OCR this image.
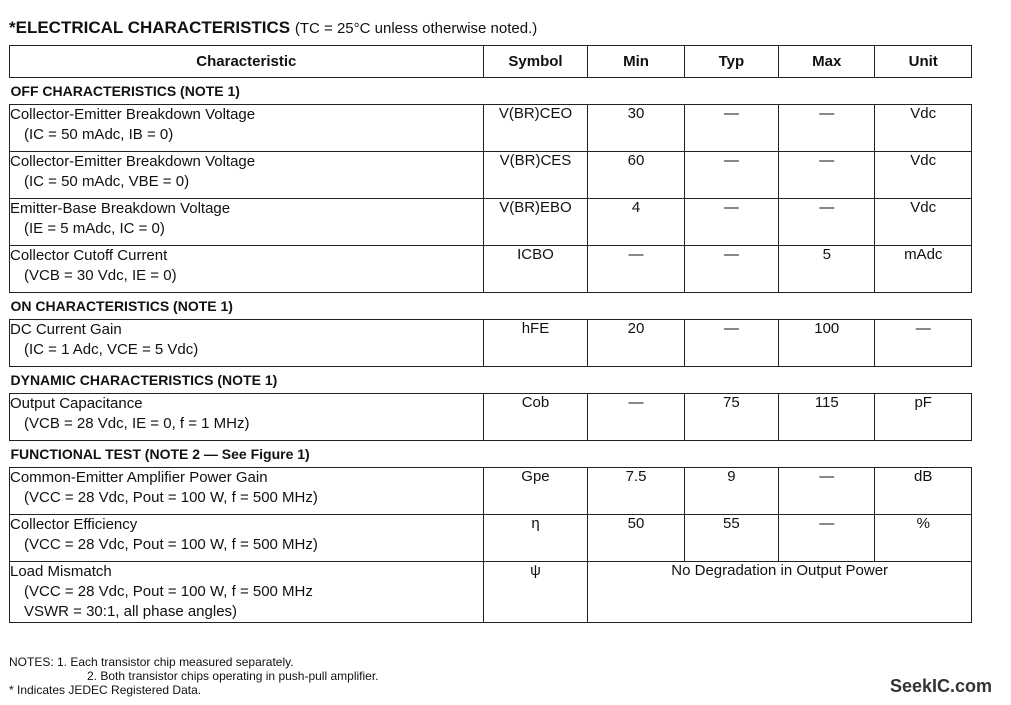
*ELECTRICAL CHARACTERISTICS (TC = 25°C unless otherwise noted.)
Characteristic	Symbol	Min	Typ	Max	Unit
OFF CHARACTERISTICS (NOTE 1)					
Collector-Emitter Breakdown Voltage
(IC = 50 mAdc, IB = 0)	V(BR)CEO	30	—	—	Vdc
Collector-Emitter Breakdown Voltage
(IC = 50 mAdc, VBE = 0)	V(BR)CES	60	—	—	Vdc
Emitter-Base Breakdown Voltage
(IE = 5 mAdc, IC = 0)	V(BR)EBO	4	—	—	Vdc
Collector Cutoff Current
(VCB = 30 Vdc, IE = 0)	ICBO	—	—	5	mAdc
ON CHARACTERISTICS (NOTE 1)					
DC Current Gain
(IC = 1 Adc, VCE = 5 Vdc)	hFE	20	—	100	—
DYNAMIC CHARACTERISTICS (NOTE 1)					
Output Capacitance
(VCB = 28 Vdc, IE = 0, f = 1 MHz)	Cob	—	75	115	pF
FUNCTIONAL TEST (NOTE 2 — See Figure 1)					
Common-Emitter Amplifier Power Gain
(VCC = 28 Vdc, Pout = 100 W, f = 500 MHz)	Gpe	7.5	9	—	dB
Collector Efficiency
(VCC = 28 Vdc, Pout = 100 W, f = 500 MHz)	η	50	55	—	%
Load Mismatch
(VCC = 28 Vdc, Pout = 100 W, f = 500 MHz
VSWR = 30:1, all phase angles)	ψ	No Degradation in Output Power			
NOTES: 1. Each transistor chip measured separately.

2. Both transistor chips operating in push-pull amplifier.
* Indicates JEDEC Registered Data.	SeekIC.com
